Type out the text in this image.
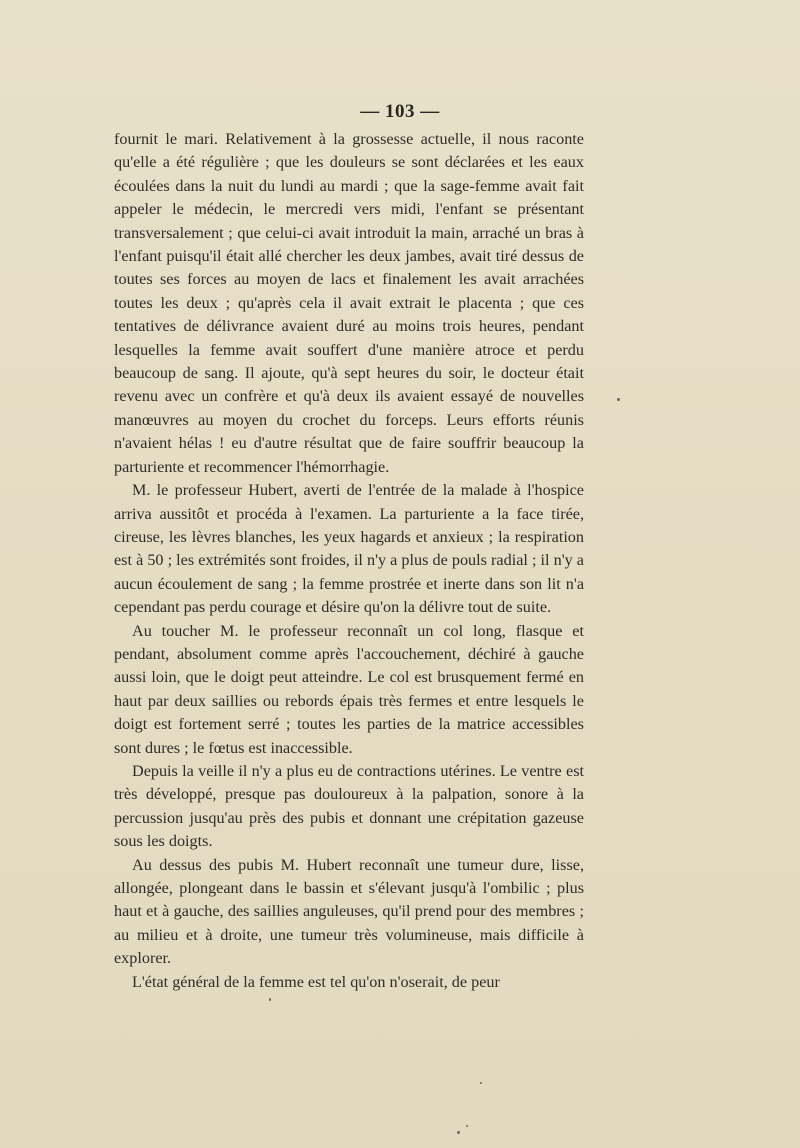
— 103 —

fournit le mari. Relativement à la grossesse actuelle, il nous raconte qu'elle a été régulière ; que les douleurs se sont déclarées et les eaux écoulées dans la nuit du lundi au mardi ; que la sage-femme avait fait appeler le médecin, le mercredi vers midi, l'enfant se présentant transversalement ; que celui-ci avait introduit la main, arraché un bras à l'enfant puisqu'il était allé chercher les deux jambes, avait tiré dessus de toutes ses forces au moyen de lacs et finalement les avait arrachées toutes les deux ; qu'après cela il avait extrait le placenta ; que ces tentatives de délivrance avaient duré au moins trois heures, pendant lesquelles la femme avait souffert d'une manière atroce et perdu beaucoup de sang. Il ajoute, qu'à sept heures du soir, le docteur était revenu avec un confrère et qu'à deux ils avaient essayé de nouvelles manœuvres au moyen du crochet du forceps. Leurs efforts réunis n'avaient hélas ! eu d'autre résultat que de faire souffrir beaucoup la parturiente et recommencer l'hémorrhagie.

M. le professeur Hubert, averti de l'entrée de la malade à l'hospice arriva aussitôt et procéda à l'examen. La parturiente a la face tirée, cireuse, les lèvres blanches, les yeux hagards et anxieux ; la respiration est à 50 ; les extrémités sont froides, il n'y a plus de pouls radial ; il n'y a aucun écoulement de sang ; la femme prostrée et inerte dans son lit n'a cependant pas perdu courage et désire qu'on la délivre tout de suite.

Au toucher M. le professeur reconnaît un col long, flasque et pendant, absolument comme après l'accouchement, déchiré à gauche aussi loin, que le doigt peut atteindre. Le col est brusquement fermé en haut par deux saillies ou rebords épais très fermes et entre lesquels le doigt est fortement serré ; toutes les parties de la matrice accessibles sont dures ; le fœtus est inaccessible.

Depuis la veille il n'y a plus eu de contractions utérines. Le ventre est très développé, presque pas douloureux à la palpation, sonore à la percussion jusqu'au près des pubis et donnant une crépitation gazeuse sous les doigts.

Au dessus des pubis M. Hubert reconnaît une tumeur dure, lisse, allongée, plongeant dans le bassin et s'élevant jusqu'à l'ombilic ; plus haut et à gauche, des saillies anguleuses, qu'il prend pour des membres ; au milieu et à droite, une tumeur très volumineuse, mais difficile à explorer.

L'état général de la femme est tel qu'on n'oserait, de peur
